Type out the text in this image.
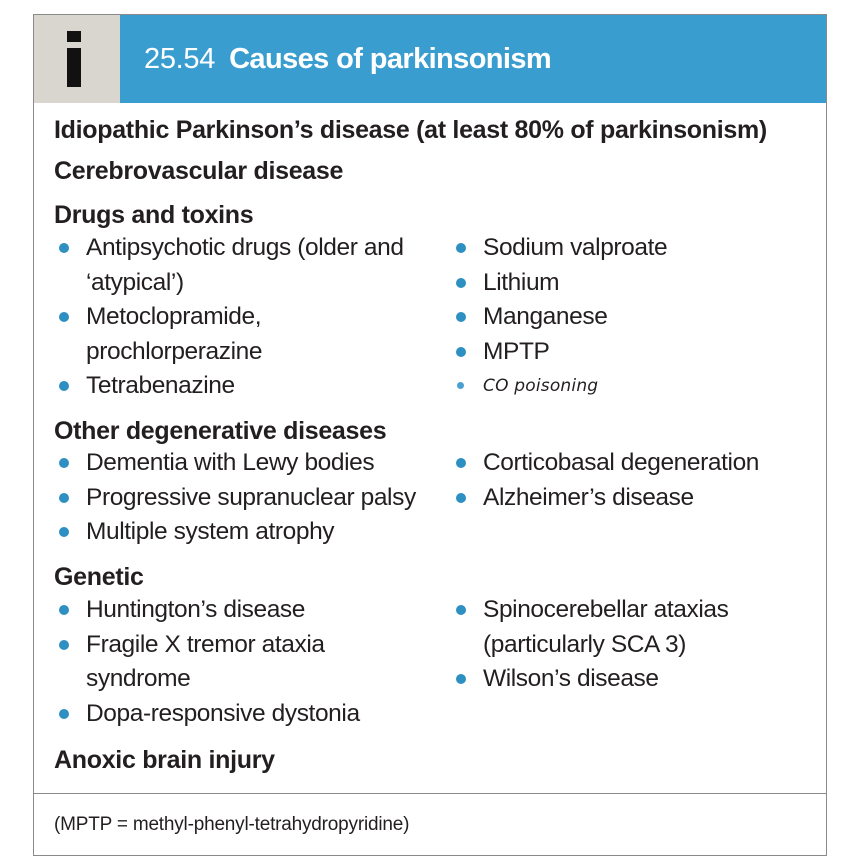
25.54 Causes of parkinsonism
Idiopathic Parkinson’s disease (at least 80% of parkinsonism)
Cerebrovascular disease
Drugs and toxins
Antipsychotic drugs (older and ‘atypical’)
Metoclopramide, prochlorperazine
Tetrabenazine
Sodium valproate
Lithium
Manganese
MPTP
CO poisoning
Other degenerative diseases
Dementia with Lewy bodies
Progressive supranuclear palsy
Multiple system atrophy
Corticobasal degeneration
Alzheimer’s disease
Genetic
Huntington’s disease
Fragile X tremor ataxia syndrome
Dopa-responsive dystonia
Spinocerebellar ataxias (particularly SCA 3)
Wilson’s disease
Anoxic brain injury
(MPTP = methyl-phenyl-tetrahydropyridine)
